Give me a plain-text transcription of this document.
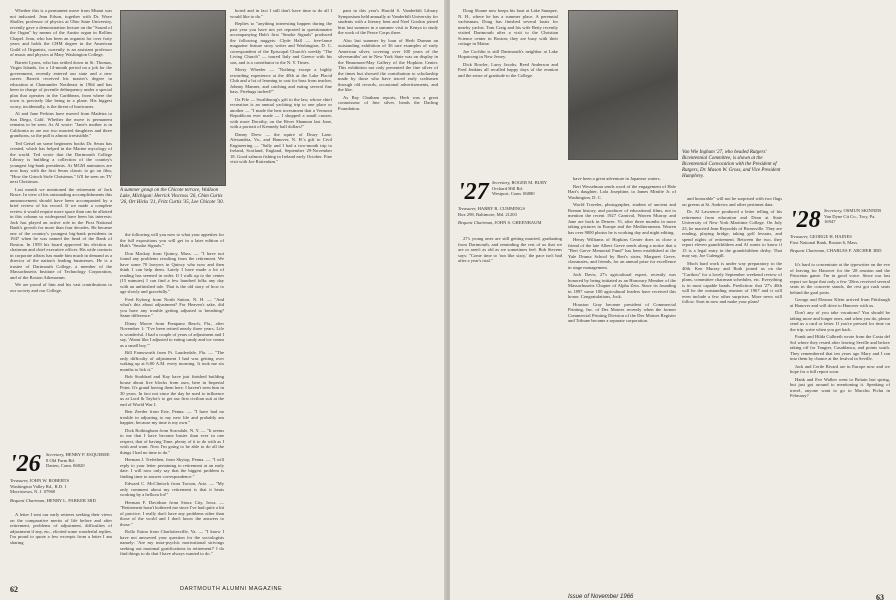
Whether this is a permanent move from Miami was not indicated. Jean Edson, together with Dr. Wave Sholler, professor of physics at Ohio State University, recently gave a demonstration lecture on the "Sound of the Organ" by means of the Austin organ in Rollins Chapel. Jean, who has been an organist for over forty years and holds the CHM degree in the American Guild of Organists, currently is an assistant professor of music and physics at Mary Washington College.

Barrett Lyons, who has settled down in St. Thomas, Virgin Islands, for a 14-month period on a job for the government, recently entered our state and a new career. Barrett received his master's degree in education at Chamunder Northeast in 1964 and has been in charge of juvenile delinquency under a special plan that operates in the Caribbean, from where the town is precisely like being in a plane. His biggest worry, incidentally, is the threat of hurricanes.

Al and Jane Perkins have moved from Madeira to San Diego, Calif. Whether the move is permanent remains to be seen. As Al wrote: "Jane's mother is in California as are our two married daughters and three grandsons, so the pull is almost irresistible."

Ted Geisel on some beginners books Dr. Seuss has created, which has helped in the Marine mycology of the world. Ted wrote that the Dartmouth College Library is building a collection of the country's youngest big-bank presidents. At MGM animators are now busy with the first Seuss classic to go on film, "How the Grinch Stole Christmas." It'll be seen on TV next Christmas.

Last month we mentioned the retirement of Jack Brace. In view of his outstanding accomplishments this announcement should have been accompanied by a brief review of his record. If we made a complete review it would require more space than can be allotted in this column so widespread have been his interests: Jack has played an active role in the First National Bank's growth for more than four decades. He became one of the country's youngest big-bank presidents in 1947 when he was named the head of the Bank of Boston. In 1959 his board approved his election as chairman and chief executive officer. His wide contacts in corporate affairs has made him much in demand as a director of the nation's leading businesses. He is a trustee of Dartmouth College, a member of the Massachusetts Institute of Technology Corporation, and of the Boston Athenaeum.

We are proud of him and his vast contributions to our society and our College.

'26 Secretary, HENRY P. ESQUEREE
8 Old Farm Rd.
Darien, Conn. 06820
Treasurer, JOHN W. ROBERTS
Washington Valley Rd., R.D. 1
Morristown, N. J. 07960
Bequest Chairman, HENRY L. PARKER 3RD

A letter I sent our early retirees seeking their views on the comparative merits of life before and after retirement, problems of adjustment, difficulties of adjustment if any, etc., elicited some wonderful replies. I'm proud to quote a few excerpts from a letter I am sharing

A summer group on the Chicote terrace, Walloon Lake, Michigan: Herrick Vincross '26, Chim Curtis '26, Ort Hicks '21, Fritz Curtis '35, Lee Chicote '30.

the following will you now to what your appetites for the full expositions you will get in a later edition of Hub's "Smoke Signals."

Don Mackay from Quincy, Mass. — "I have not found any problems resulting from the retirement. We have some 70 lawyers in Quincy who now and then think I can help them. Lately I have made a lot of reading has seemed in order. If I walk up to the center (15 minutes) I can find a few hundred folks any day with an unfinished tale. That is the old story of how to age slowly and gracefully."

Fred Kyborg from North Sutton, N. H. — "And what's this about adjustment? For Heaven's sake, did you have any trouble getting adjusted to breathing? Same difference."

Dinny Moore from Pompano Beach, Fla., after November 1: "I've been retired nearly three years. Life is wonderful. I had a couple of years of adjustment and I say, 'About like I adjusted to eating candy and ice cream as a small boy.'"

Bill Farnsworth from Ft. Lauderdale, Fla. — "The only difficulty of adjustment I had was getting over waking up at 6:00 A.M. every morning. It took me six months to lick it."

Bob Stoddard and Kay have just finished building house about five blocks from ours, here in Imperial Point. It's grand having them here. I haven't seen him in 30 years. In fact not since the day he used to influence us at Lord & Taylor's to get our first civilian suit at the end of World War I.

Ben Zeeder from Erie, Penna. — "I have had no trouble in adjusting to my new life and probably am happier, because my time is my own."

Dick Rothingham from Scarsdale, N. Y. — "It seems to me that I have become busier than ever in one respect, that of having Time, plenty of it to do with as I wish and want. Now I'm going to be able to do all the things I had no time to do."

Herman J. Trefethen, from Skytop, Penna. — "I will reply to your letter pertaining to retirement at an early date. I will now only say that the biggest problem is finding time to answer correspondence."

Edward C. McClintock from Tucson, Ariz. — "My only comment about my retirement is that it beats working by a helluva lot!"

Herman F. Davidson from Sioux City, Iowa. — "Retirement hasn't bothered me since I've had quite a bit of practice. I really don't have any problems other than those of the world and I don't know the answers to those."

Rollo Eaton from Charlottesville, Va. — "I know I have not answered your question for the sociologists namely: 'Are my intra-psychic motivational strivings seeking out maximal gratifications in retirement?' I do find things to do that I have always wanted to do."

bored and in fact I still don't have time to do all I would like to do."

Replies to "anything interesting happen during the past year you have not yet reported in questionnaire accompanying Hub's first "Smoke Signals" produced the following nuggets: Clyde Hall — free-lance magazine feature story writer and Washington, D. C. correspondent of the Episcopal Church's weekly "The Living Church" — toured Italy and Greece with his son, and is a contributor to the N. Y. Times.

Morty Wheeler — "Nothing except a highly rewarding experience at the 40th at the Lake Placid Club and a lot of learning to cast for bass from teacher, Johnny Manner, and catching and eating several fine bass. Firebugs inched?"

Oz Fife — Swalibuorg's gift to the law, whose chief recreation is an annual yachting trip to one place or another — "I made the best investment that a Vermont Republican ever made — I shopped a small cruiser, with more Dorothy, on the River Shannon last June, with a portrait of Kennedy half dollars!"

Danny Drew — the squire of Drury Lane, Alexandria, Va., and Hanover, N. H.'s gift to Civil Engineering — "Sally and I had a two-month trip to Ireland, Scotland, England, September 29-November 18. Good salmon fishing in Ireland early October. Fine visit with Joe Rotterdam."

pant in this year's Harold S. Vanderbilt Library Symposium held annually at Vanderbilt University for students with a literary bent and Noel Gordon joined him last summer in a summer visit to Kenya to study the work of the Peace Corps there.

Also last summer by loan of Herb Durnan an outstanding exhibition of 36 rare examples of early American silver, covering over 100 years of the silversmiths' art in New York State was on display in the Beaumont-May Gallery of the Hopkins Center. This exhibition not only presented the fine silver of the times but showed the contribution to scholarship made by those who have traced early craftsmen through old records, occasional advertisements, and the like.

As Ray Chatham reports, Herb was a great connoisseur of fine silver, heads the Darling Foundation.

62	DARTMOUTH ALUMNI MAGAZINE

Doug Sloane now keeps his boat at Lake Sunapee, N. H., where he has a summer place. A perennial vachtsman, Doug has finished several boats for nearby yachts. Tom Craig and his wife Betty recently visited Dartmouth after a visit to the Christian Science center in Boston; they are busy with their cottage in Maine.

Joe Cochlin is still Dartmouth's neighbor at Lake Hopatcong in New Jersey.

Dick Bowler, Larry Jacobs, Reed Anderson and Fred Jenkins all recalled happy days of the reunion and the sense of gratitude to the College.

'27 Secretary, ROGER M. BURY
Orchard Hill Rd.
Westport, Conn. 06880
Treasurer, HARRY R. CUMMINGS
Box 298, Baltimore, Md. 21203
Bequest Chairman, JOHN S. GREENBAUM

27's young ones are still getting married, graduating from Dartmouth, and reminding the rest of us that we are or aren't as old as we sometimes feel. Bob Stevens says: "Come time to 'run like sixty,' the pace isn't bad after a year's trial."

Van Wie Ingham '27, who headed Rutgers' Bicentennial Committee, is shown at the Bicentennial Convocation with the President of Rutgers, Dr. Mason W. Gross, and Vice President Humphrey.

have been a great adventure in Japanese waters.

Bert Wesselman sends word of the engagement of Hale Hart's daughter, Lola Josephine, to James Minifie Jr. of Washington, D. C.

World Traveler, photographer, student of ancient and Roman history, and producer of educational films, not to mention the recent 1927 Carnival, Warren Murray and Jane are back in Denver. Vi, after three months in more taking pictures in Europe and the Mediterranean. Warren has over 9000 photos he is working day and night editing.

Henry Williams of Hopkins Center does as close a friend of the late Albert Greve sends along a notice that a "Bert Greve Memorial Fund" has been established at the Yale Drama School by Bert's sister, Margaret Greve, classmates, and friends, for an annual prize for excellence in stage management.

Jock Davis, 27's agricultural expert, recently was honored by being initiated as an Honorary Member of the Massachusetts Chapter of Alpha Zeta. Since its founding in 1897 some 100 agricultural leaders have received this honor. Congratulations, Jock.

Houston Gray became president of Commercial Printing, Inc. of Des Moines recently when the former Commercial Printing Division of the Des Moines Register and Tribune became a separate corporation.

and honorable" will not be surprised with two flags on greens at St. Andrews and other pertinent data.

Dr. Al Lawrence produced a letter telling of his retirement from education and Dean at State University of New York Maritime College. On July 23, he married Jean Reynolds of Bronxville. They are reading, playing bridge, taking golf lessons, and spend nights of retirement. Between the two, they report eleven grandchildren and Al wants to know if 15 is a legal entry in the grandchildren derby. That may say, Joe Culengill.

Much hard work is under way preparatory to the 40th. Ken Murray and Ruth joined us on the "Caribou" for a lovely September weekend review of plans, committee chairman schedules, etc. Everything is in most capable hands. Prediction: that '27's 40th will be the outstanding reunion of 1967 and it will even include a few other surprises. More news will follow. Start in now and make your plans!

'28 Secretary, OSMUN SKINNER
Van Dyne Cit Co., Troy, Pa.
16947
Treasurer, GEORGE H. HAINES
First National Bank, Boston 6, Mass.
Bequest Chairman, CHARLES F. ARCHER 3RD

It's hard to concentrate at the typewriter on the eve of leaving for Hanover for the '28 reunion and the Princeton game. I'm in good voice. Since our last report we hope that only a few '28ers received several seats in the concrete stands, the rest got rush seats behind the goal posts.

George and Eleanor Klein arrived from Pittsburgh at Hanover and will drive to Hanover with us.

Don't any of you take vacations? You should be taking more and longer ones, and when you do, please send us a card or letter. If you're pressed for time on the trip, write when you get back.

Frank and Hilda Culbreth wrote from the Costa del Sol where they rested after leaving Seville and before taking off for Tangier, Casablanca, and points south. They remembered that ten years ago Mary and I ran into them by chance at the festival in Seville.

Jack and Cerile Rivard are in Europe now and we hope for a full report soon.

Hank and Eve Walker went to Britain last spring, but just got around to mentioning it. Speaking of travel, anyone want to go to Macchu Pichu in February?

Issue of November 1966	63
